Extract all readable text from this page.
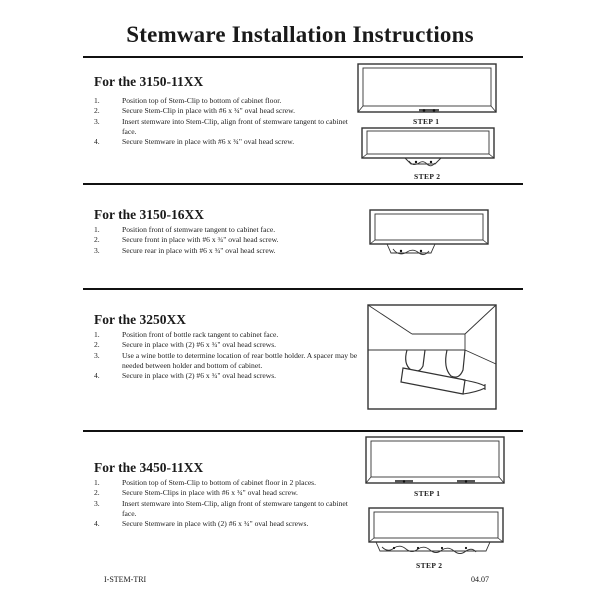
Stemware Installation Instructions
For the 3150-11XX
1.	Position top of Stem-Clip to bottom of cabinet floor.
2.	Secure Stem-Clip in place with #6 x ¾" oval head screw.
3.	Insert stemware into Stem-Clip, align front of stemware tangent to cabinet face.
4.	Secure Stemware in place with #6 x ¾" oval head screw.
STEP 1
STEP 2
For the 3150-16XX
1.	Position front of stemware tangent to cabinet face.
2.	Secure front in place with #6 x ¾" oval head screw.
3.	Secure rear in place with #6 x ¾" oval head screw.
For the 3250XX
1.	Position front of bottle rack tangent to cabinet face.
2.	Secure in place with (2) #6 x ¾" oval head screws.
3.	Use a wine bottle to determine location of rear bottle holder. A spacer may be needed between holder and bottom of cabinet.
4.	Secure in place with (2) #6 x ¾" oval head screws.
For the 3450-11XX
1.	Position top of Stem-Clip to bottom of cabinet floor in 2 places.
2.	Secure Stem-Clips in place with #6 x ¾" oval head screw.
3.	Insert stemware into Stem-Clip, align front of stemware tangent to cabinet face.
4.	Secure Stemware in place with (2) #6 x ¾" oval head screws.
STEP 1
STEP 2
I-STEM-TRI	04.07
